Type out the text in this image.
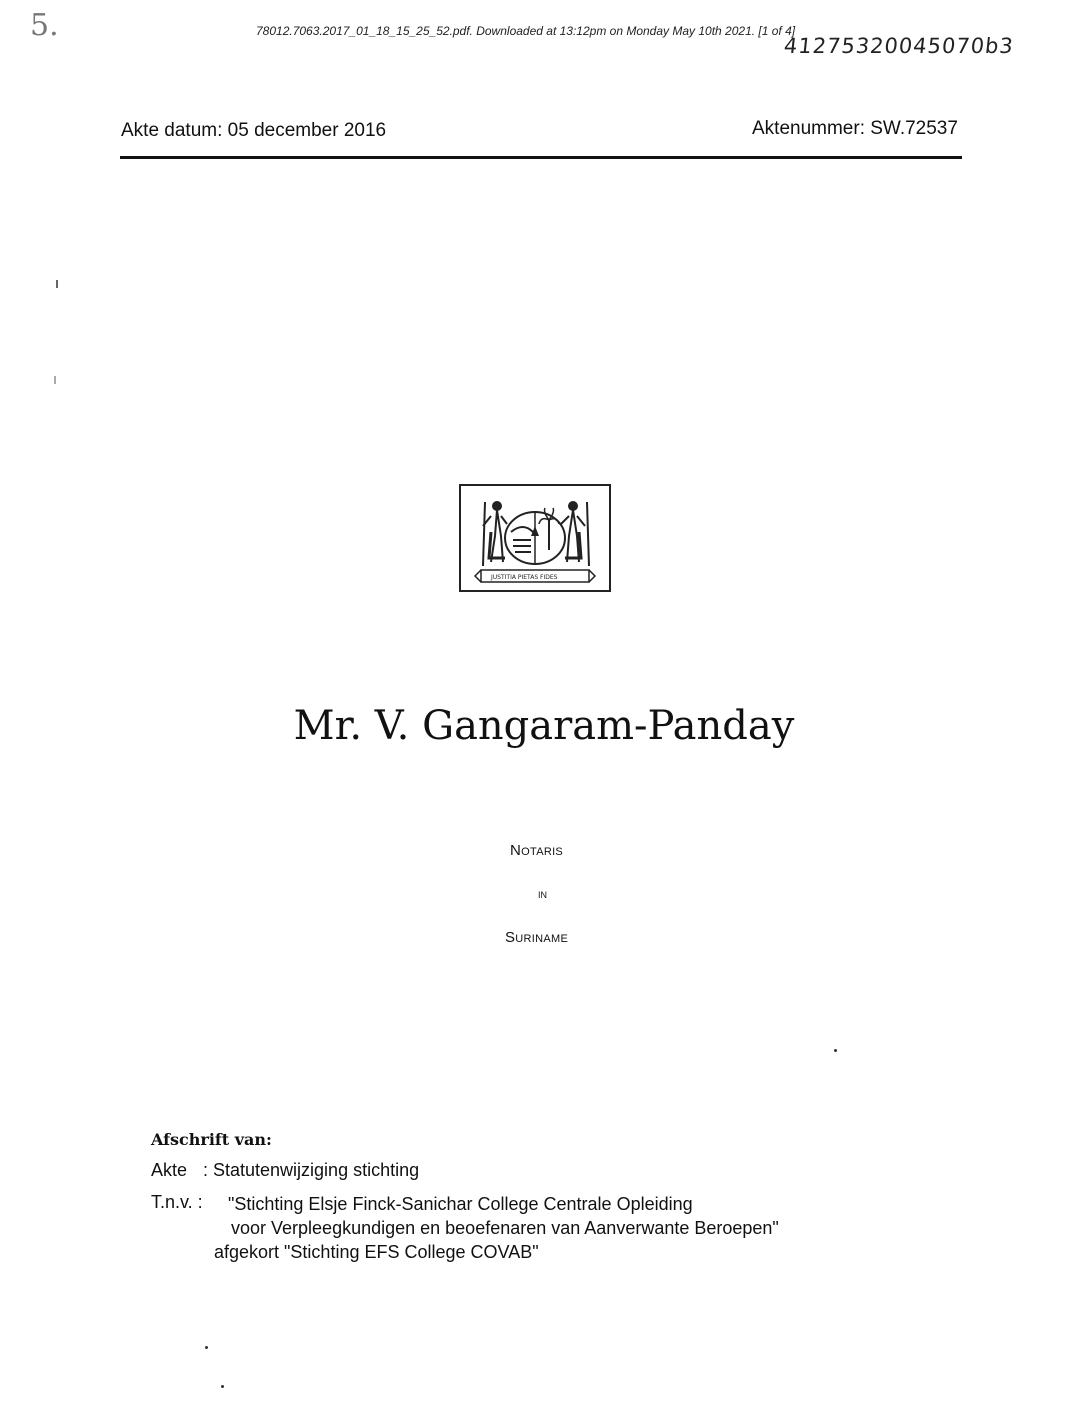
5.	78012.7063.2017_01_18_15_25_52.pdf. Downloaded at 13:12pm on Monday May 10th 2021. [1 of 4]
41275320045070b3
Akte datum: 05 december 2016	Aktenummer: SW.72537
JUSTITIA PIETAS FIDES
Mr. V. Gangaram-Panday
Notaris
in
Suriname
Afschrift van:
Akte : Statutenwijziging stichting
T.n.v. : "Stichting Elsje Finck-Sanichar College Centrale Opleiding
voor Verpleegkundigen en beoefenaren van Aanverwante Beroepen"
afgekort "Stichting EFS College COVAB"
